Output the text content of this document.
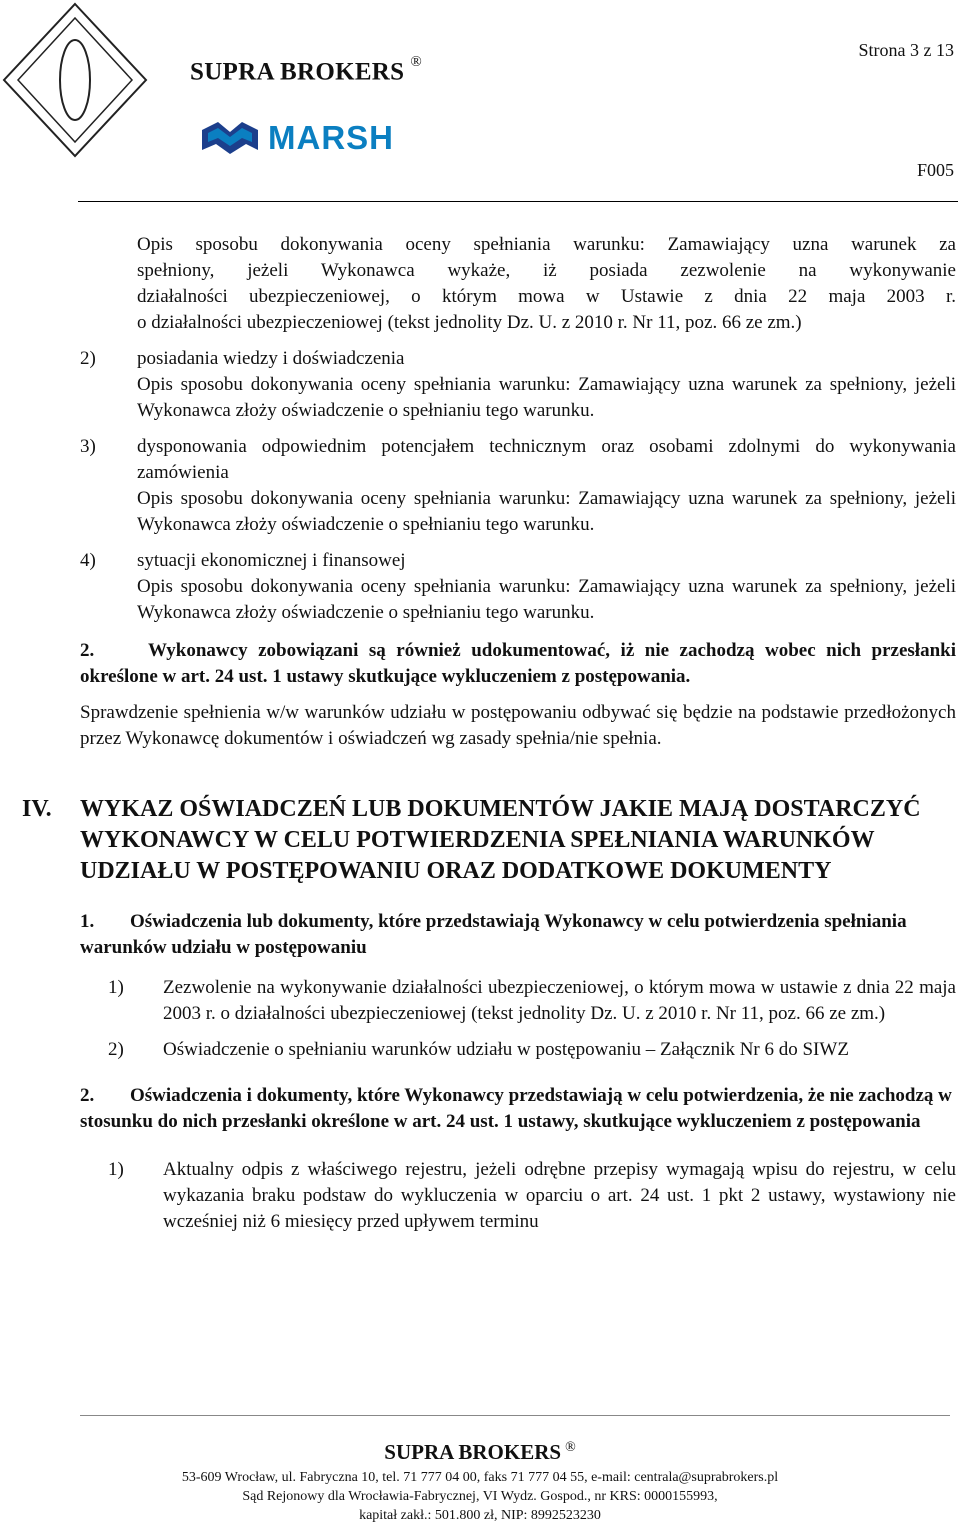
SUPRA BROKERS ®
MARSH
Strona 3 z 13
F005
Opis sposobu dokonywania oceny spełniania warunku: Zamawiający uzna warunek za
spełniony, jeżeli Wykonawca wykaże, iż posiada zezwolenie na wykonywanie
działalności ubezpieczeniowej, o którym mowa w Ustawie z dnia 22 maja 2003 r.
o działalności ubezpieczeniowej (tekst jednolity Dz. U. z 2010 r. Nr 11, poz. 66 ze zm.)
2)	posiadania wiedzy i doświadczenia

Opis sposobu dokonywania oceny spełniania warunku: Zamawiający uzna warunek za spełniony, jeżeli Wykonawca złoży oświadczenie o spełnianiu tego warunku.

3)	dysponowania odpowiednim potencjałem technicznym oraz osobami zdolnymi do wykonywania zamówienia

Opis sposobu dokonywania oceny spełniania warunku: Zamawiający uzna warunek za spełniony, jeżeli Wykonawca złoży oświadczenie o spełnianiu tego warunku.

4)	sytuacji ekonomicznej i finansowej

Opis sposobu dokonywania oceny spełniania warunku: Zamawiający uzna warunek za spełniony, jeżeli Wykonawca złoży oświadczenie o spełnianiu tego warunku.

2.	Wykonawcy zobowiązani są również udokumentować, iż nie zachodzą wobec nich przesłanki określone w art. 24 ust. 1 ustawy skutkujące wykluczeniem z postępowania.

Sprawdzenie spełnienia w/w warunków udziału w postępowaniu odbywać się będzie na podstawie przedłożonych przez Wykonawcę dokumentów i oświadczeń wg zasady spełnia/nie spełnia.

IV.	WYKAZ OŚWIADCZEŃ LUB DOKUMENTÓW JAKIE MAJĄ DOSTARCZYĆ WYKONAWCY W CELU POTWIERDZENIA SPEŁNIANIA WARUNKÓW UDZIAŁU W POSTĘPOWANIU ORAZ DODATKOWE DOKUMENTY

1. Oświadczenia lub dokumenty, które przedstawiają Wykonawcy w celu potwierdzenia spełniania warunków udziału w postępowaniu
1)	Zezwolenie na wykonywanie działalności ubezpieczeniowej, o którym mowa w ustawie z dnia 22 maja 2003 r. o działalności ubezpieczeniowej (tekst jednolity Dz. U. z 2010 r. Nr 11, poz. 66 ze zm.)
2)	Oświadczenie o spełnianiu warunków udziału w postępowaniu – Załącznik Nr 6 do SIWZ
2. Oświadczenia i dokumenty, które Wykonawcy przedstawiają w celu potwierdzenia, że nie zachodzą w stosunku do nich przesłanki określone w art. 24 ust. 1 ustawy, skutkujące wykluczeniem z postępowania
1)	Aktualny odpis z właściwego rejestru, jeżeli odrębne przepisy wymagają wpisu do rejestru, w celu wykazania braku podstaw do wykluczenia w oparciu o art. 24 ust. 1 pkt 2 ustawy, wystawiony nie wcześniej niż 6 miesięcy przed upływem terminu
SUPRA BROKERS ®
53-609 Wrocław, ul. Fabryczna 10, tel. 71 777 04 00, faks 71 777 04 55, e-mail: centrala@suprabrokers.pl
Sąd Rejonowy dla Wrocławia-Fabrycznej, VI Wydz. Gospod., nr KRS: 0000155993,
kapitał zakł.: 501.800 zł, NIP: 8992523230
